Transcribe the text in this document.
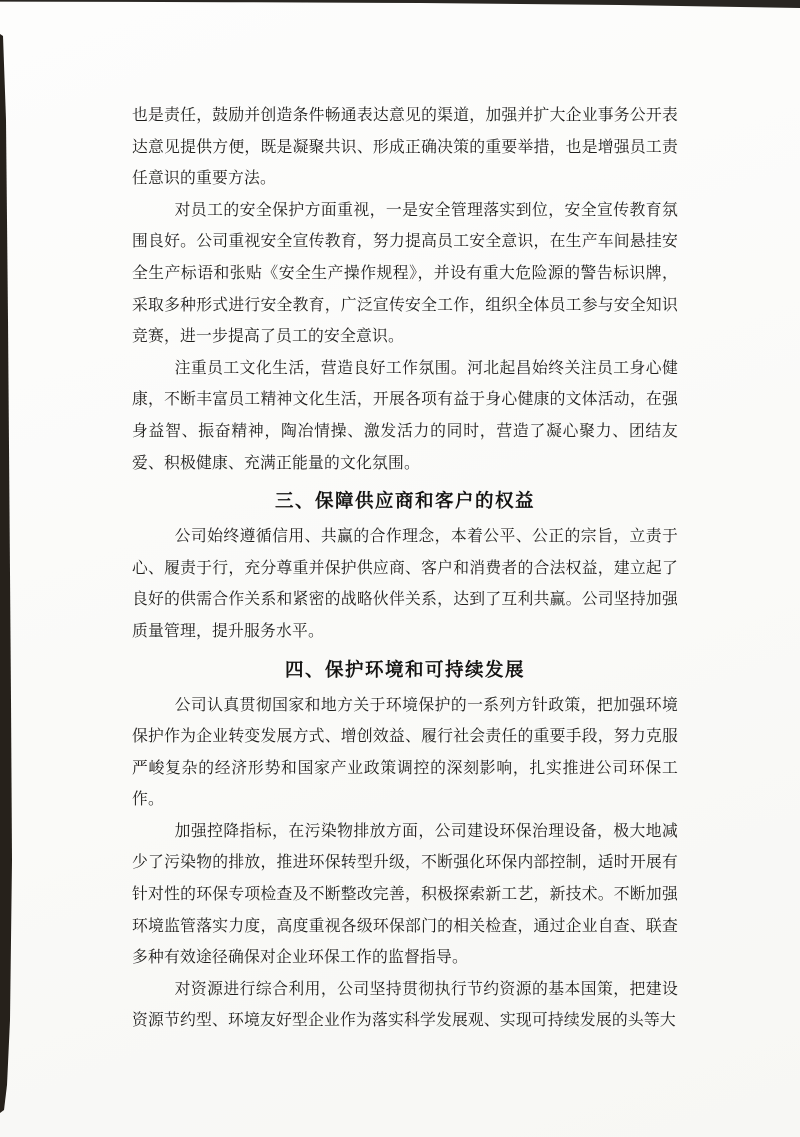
也是责任，鼓励并创造条件畅通表达意见的渠道，加强并扩大企业事务公开表达意见提供方便，既是凝聚共识、形成正确决策的重要举措，也是增强员工责任意识的重要方法。

对员工的安全保护方面重视，一是安全管理落实到位，安全宣传教育氛围良好。公司重视安全宣传教育，努力提高员工安全意识，在生产车间悬挂安全生产标语和张贴《安全生产操作规程》，并设有重大危险源的警告标识牌，采取多种形式进行安全教育，广泛宣传安全工作，组织全体员工参与安全知识竞赛，进一步提高了员工的安全意识。

注重员工文化生活，营造良好工作氛围。河北起昌始终关注员工身心健康，不断丰富员工精神文化生活，开展各项有益于身心健康的文体活动，在强身益智、振奋精神，陶冶情操、激发活力的同时，营造了凝心聚力、团结友爱、积极健康、充满正能量的文化氛围。

三、保障供应商和客户的权益

公司始终遵循信用、共赢的合作理念，本着公平、公正的宗旨，立责于心、履责于行，充分尊重并保护供应商、客户和消费者的合法权益，建立起了良好的供需合作关系和紧密的战略伙伴关系，达到了互利共赢。公司坚持加强质量管理，提升服务水平。

四、保护环境和可持续发展

公司认真贯彻国家和地方关于环境保护的一系列方针政策，把加强环境保护作为企业转变发展方式、增创效益、履行社会责任的重要手段，努力克服严峻复杂的经济形势和国家产业政策调控的深刻影响，扎实推进公司环保工作。

加强控降指标，在污染物排放方面，公司建设环保治理设备，极大地减少了污染物的排放，推进环保转型升级，不断强化环保内部控制，适时开展有针对性的环保专项检查及不断整改完善，积极探索新工艺，新技术。不断加强环境监管落实力度，高度重视各级环保部门的相关检查，通过企业自查、联查多种有效途径确保对企业环保工作的监督指导。

对资源进行综合利用，公司坚持贯彻执行节约资源的基本国策，把建设资源节约型、环境友好型企业作为落实科学发展观、实现可持续发展的头等大
